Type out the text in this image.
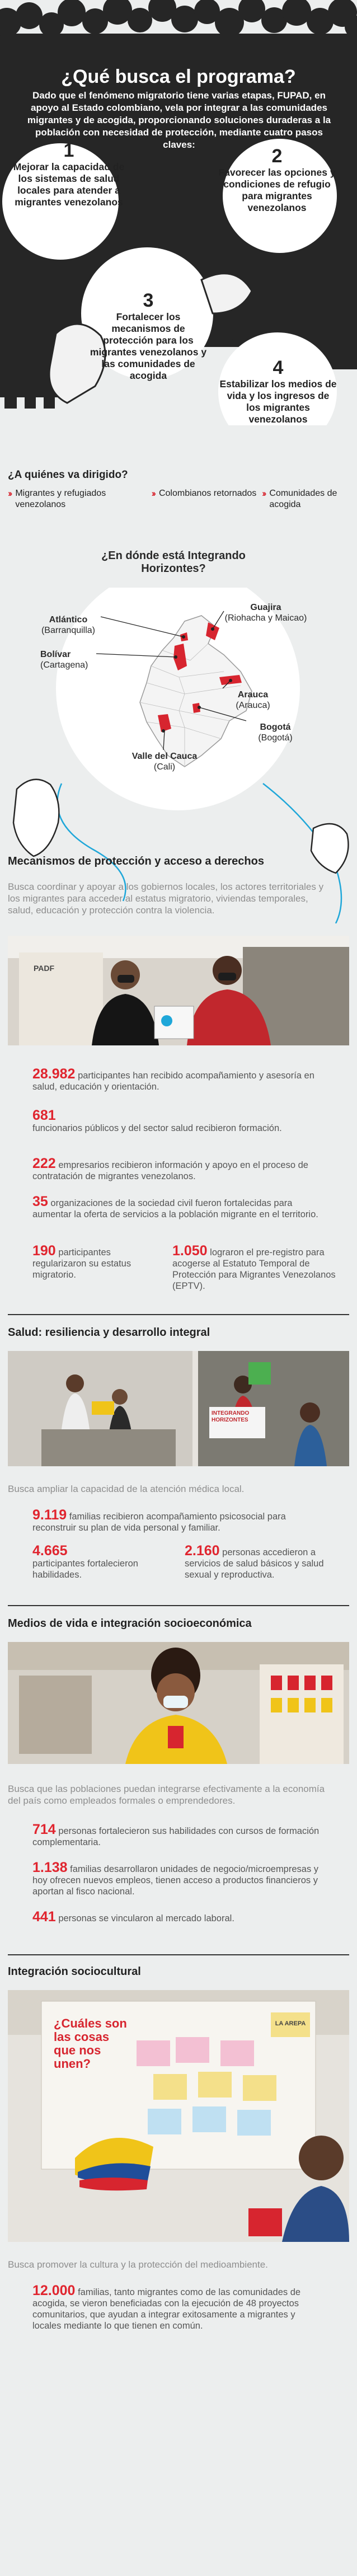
¿Qué busca el programa?
Dado que el fenómeno migratorio tiene varias etapas, FUPAD, en apoyo al Estado colombiano, vela por integrar a las comunidades migrantes y de acogida, proporcionando soluciones duraderas a la población con necesidad de protección, mediante cuatro pasos claves:
1
Mejorar la capacidad de los sistemas de salud locales para atender a migrantes venezolanos
2
Favorecer las opciones y condiciones de refugio para migrantes venezolanos
3
Fortalecer los mecanismos de protección para los migrantes venezolanos y las comunidades de acogida	4
Estabilizar los medios de vida y los ingresos de los migrantes venezolanos
¿A quiénes va dirigido?
›› Migrantes y refugiados venezolanos
›› Colombianos retornados ›› Comunidades de acogida
¿En dónde está Integrando Horizontes?
Atlántico
(Barranquilla)
Guajira
(Riohacha y Maicao)
Bolívar
(Cartagena)
Arauca
(Arauca)
Bogotá
(Bogotá)
Valle del Cauca
(Cali)
Mecanismos de protección y acceso a derechos
Busca coordinar y apoyar a los gobiernos locales, los actores territoriales y los migrantes para acceder al estatus migratorio, viviendas temporales, salud, educación y protección contra la violencia.
PADF
28.982 participantes han recibido acompañamiento y asesoría en salud, educación y orientación.
681
funcionarios públicos y del sector salud recibieron formación.
222 empresarios recibieron información y apoyo en el proceso de contratación de migrantes venezolanos.
35 organizaciones de la sociedad civil fueron fortalecidas para aumentar la oferta de servicios a la población migrante en el territorio.
190 participantes regularizaron su estatus migratorio.
1.050 lograron el pre-registro para acogerse al Estatuto Temporal de Protección para Migrantes Venezolanos (EPTV).
Salud: resiliencia y desarrollo integral
INTEGRANDO HORIZONTES
Busca ampliar la capacidad de la atención médica local.
9.119 familias recibieron acompañamiento psicosocial para reconstruir su plan de vida personal y familiar.
4.665
participantes fortalecieron habilidades.
2.160 personas accedieron a servicios de salud básicos y salud sexual y reproductiva.
Medios de vida e integración socioeconómica
Busca que las poblaciones puedan integrarse efectivamente a la economía del país como empleados formales o emprendedores.
714 personas fortalecieron sus habilidades con cursos de formación complementaria.
1.138 familias desarrollaron unidades de negocio/microempresas y hoy ofrecen nuevos empleos, tienen acceso a productos financieros y aportan al fisco nacional.
441 personas se vincularon al mercado laboral.
Integración sociocultural
¿Cuáles son las cosas que nos unen?
LA AREPA
Busca promover la cultura y la protección del medioambiente.
12.000 familias, tanto migrantes como de las comunidades de acogida, se vieron beneficiadas con la ejecución de 48 proyectos comunitarios, que ayudan a integrar exitosamente a migrantes y locales mediante lo que tienen en común.
